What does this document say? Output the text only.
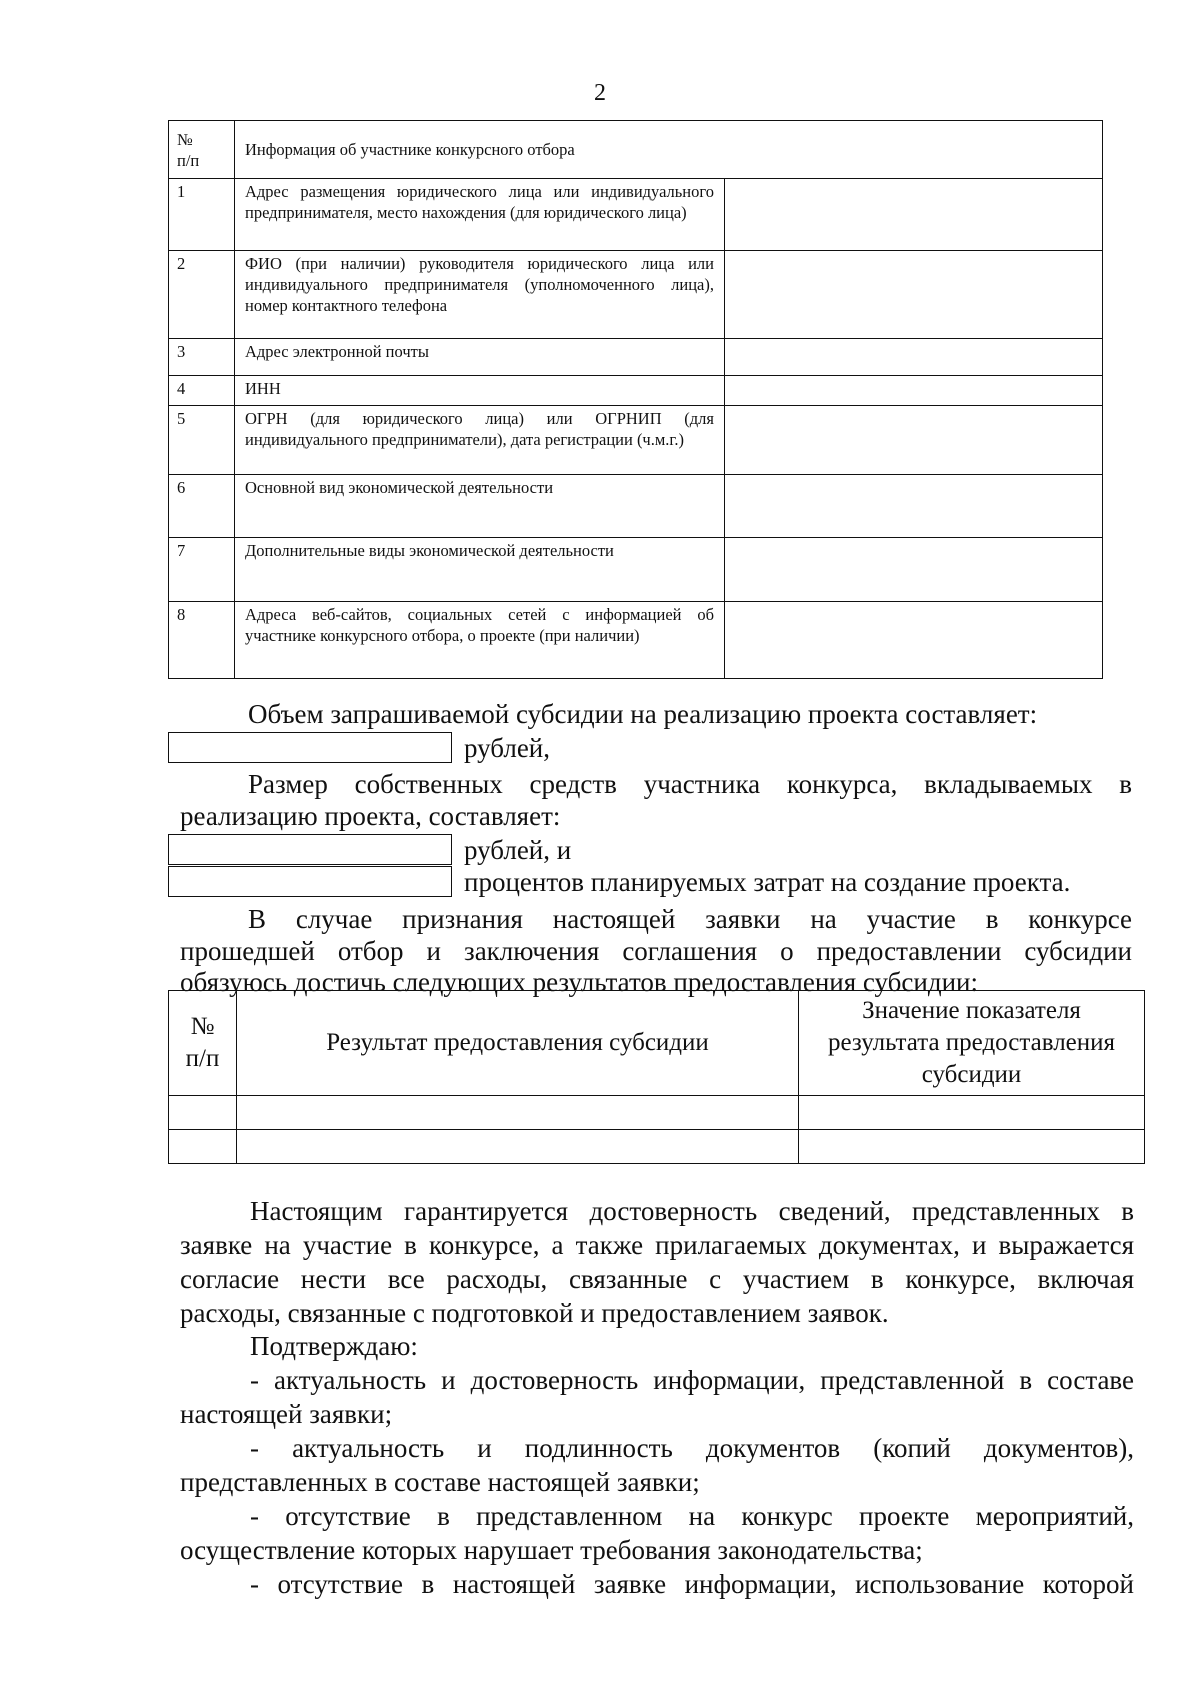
2
№
п/п	Информация об участнике конкурсного отбора	
1	Адрес размещения юридического лица или индивидуального предпринимателя, место нахождения (для юридического лица)	
2	ФИО (при наличии) руководителя юридического лица или индивидуального предпринимателя (уполномоченного лица), номер контактного телефона	
3	Адрес электронной почты	
4	ИНН	
5	ОГРН (для юридического лица) или ОГРНИП (для индивидуального предприниматели), дата регистрации (ч.м.г.)	
6	Основной вид экономической деятельности	
7	Дополнительные виды экономической деятельности	
8	Адреса веб-сайтов, социальных сетей с информацией об участнике конкурсного отбора, о проекте (при наличии)	
Объем запрашиваемой субсидии на реализацию проекта составляет:
рублей,
Размер собственных средств участника конкурса, вкладываемых в
реализацию проекта, составляет:
рублей, и
процентов планируемых затрат на создание проекта.
В случае признания настоящей заявки на участие в конкурсе
прошедшей отбор и заключения соглашения о предоставлении субсидии
обязуюсь достичь следующих результатов предоставления субсидии:
№
п/п	Результат предоставления субсидии	Значение показателя результата предоставления субсидии

Настоящим гарантируется достоверность сведений, представленных в
заявке на участие в конкурсе, а также прилагаемых документах, и выражается
согласие нести все расходы, связанные с участием в конкурсе, включая
расходы, связанные с подготовкой и предоставлением заявок.
Подтверждаю:
- актуальность и достоверность информации, представленной в составе
настоящей заявки;
- актуальность и подлинность документов (копий документов),
представленных в составе настоящей заявки;
- отсутствие в представленном на конкурс проекте мероприятий,
осуществление которых нарушает требования законодательства;
- отсутствие в настоящей заявке информации, использование которой
